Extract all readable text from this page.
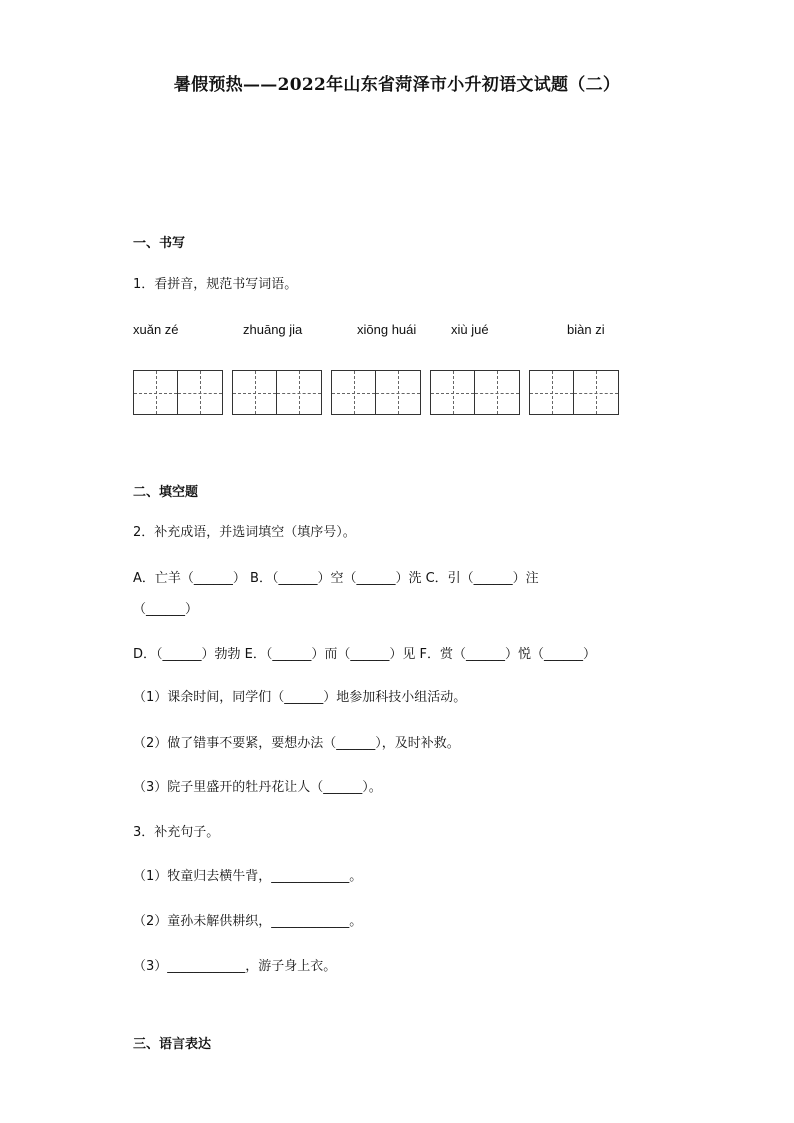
暑假预热——2022年山东省菏泽市小升初语文试题（二）
一、书写
1．看拼音，规范书写词语。
xuǎn zé	zhuāng jia	xiōng huái	xiù jué	biàn zi
二、填空题
2．补充成语，并选词填空（填序号）。
A．亡羊（______） B．（______）空（______）洗 C．引（______）注
（______）
D．（______）勃勃 E．（______）而（______）见 F．赏（______）悦（______）
（1）课余时间，同学们（______）地参加科技小组活动。
（2）做了错事不要紧，要想办法（______），及时补救。
（3）院子里盛开的牡丹花让人（______）。
3．补充句子。
（1）牧童归去横牛背，____________。
（2）童孙未解供耕织，____________。
（3）____________，游子身上衣。
三、语言表达
